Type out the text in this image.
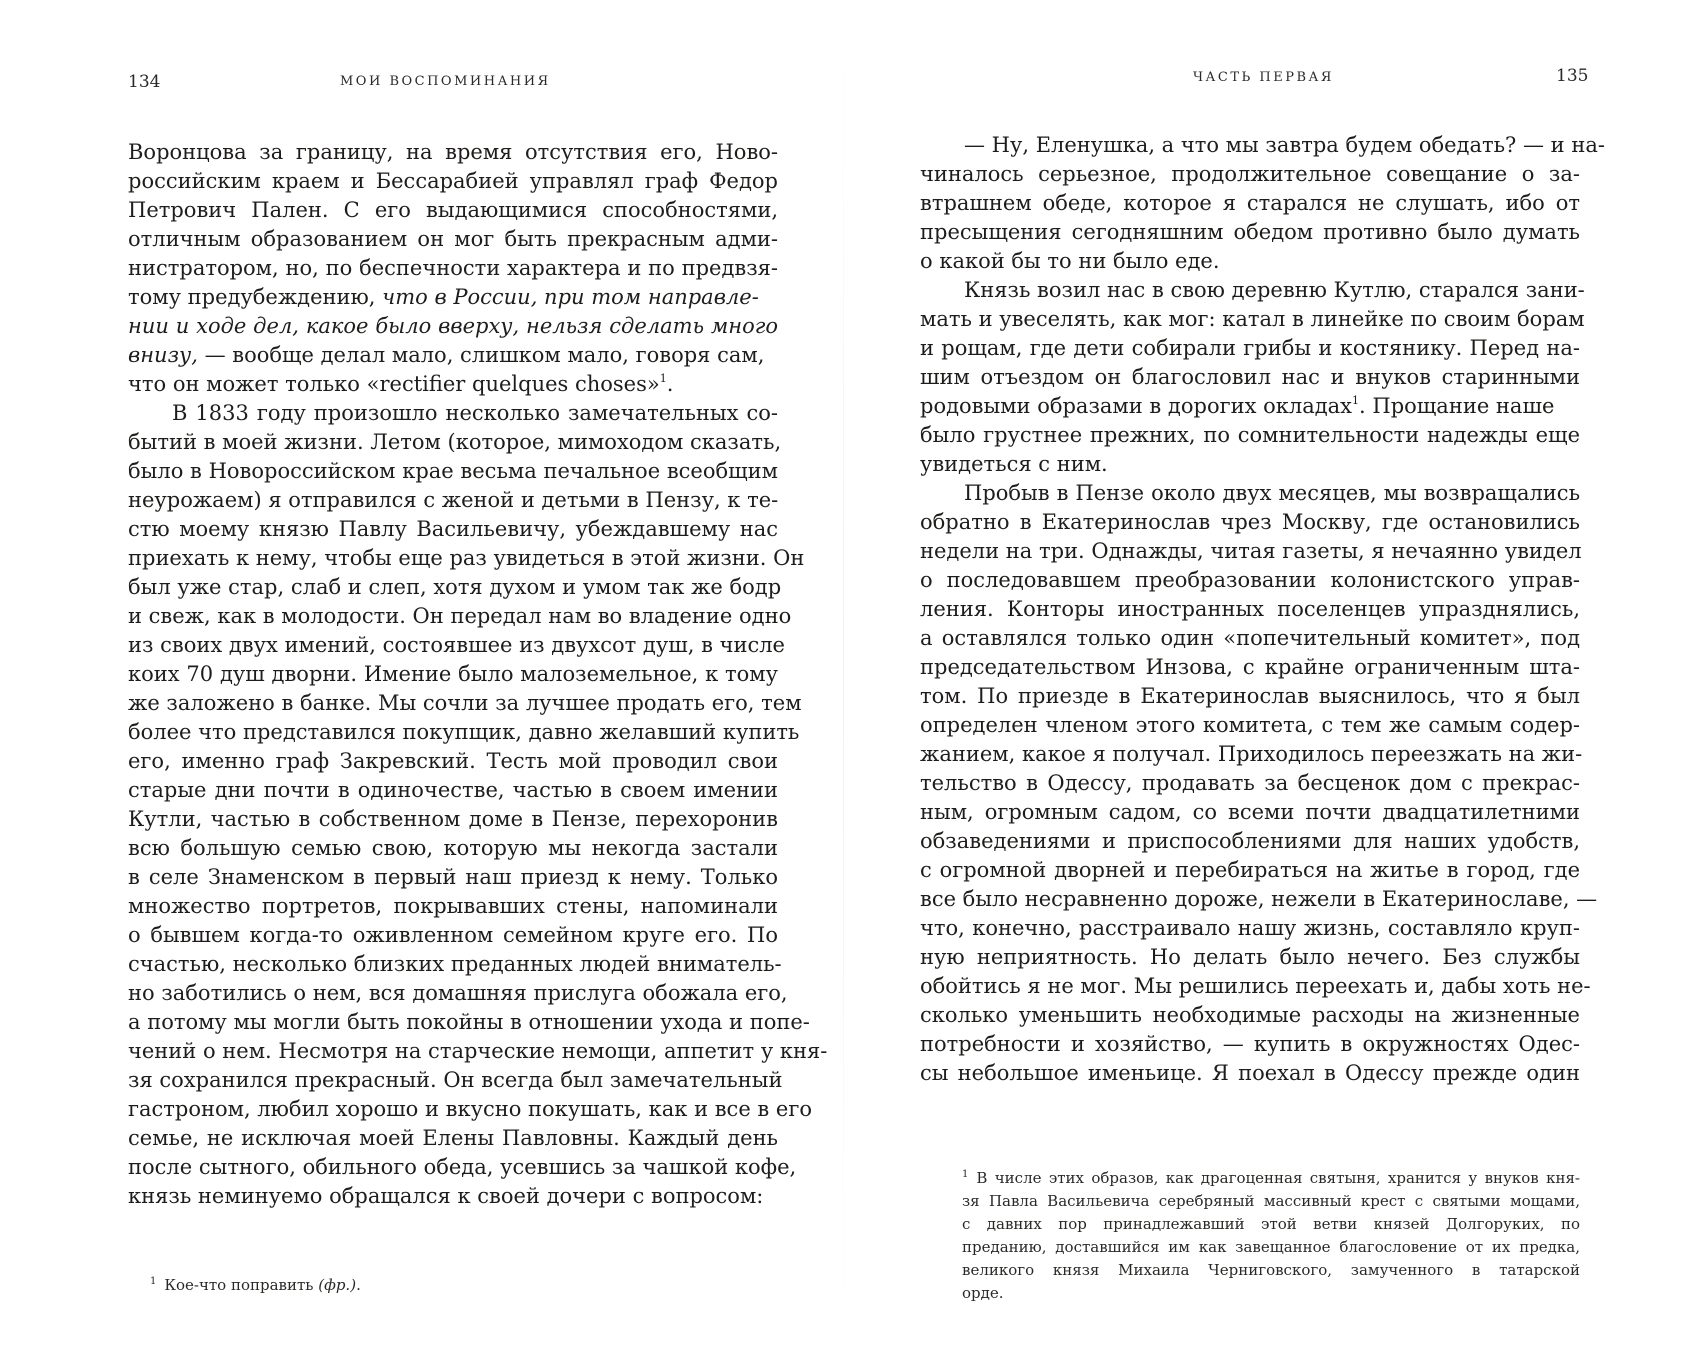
134	МОИ ВОСПОМИНАНИЯ
Воронцова за границу, на время отсутствия его, Ново-
российским краем и Бессарабией управлял граф Федор
Петрович Пален. С его выдающимися способностями,
отличным образованием он мог быть прекрасным адми-
нистратором, но, по беспечности характера и по предвзя-
тому предубеждению, что в России, при том направле-
нии и ходе дел, какое было вверху, нельзя сделать много
внизу, — вообще делал мало, слишком мало, говоря сам,
что он может только «rectifier quelques choses»$^1$.
В 1833 году произошло несколько замечательных со-
бытий в моей жизни. Летом (которое, мимоходом сказать,
было в Новороссийском крае весьма печальное всеобщим
неурожаем) я отправился с женой и детьми в Пензу, к те-
стю моему князю Павлу Васильевичу, убеждавшему нас
приехать к нему, чтобы еще раз увидеться в этой жизни. Он
был уже стар, слаб и слеп, хотя духом и умом так же бодр
и свеж, как в молодости. Он передал нам во владение одно
из своих двух имений, состоявшее из двухсот душ, в числе
коих 70 душ дворни. Имение было малоземельное, к тому
же заложено в банке. Мы сочли за лучшее продать его, тем
более что представился покупщик, давно желавший купить
его, именно граф Закревский. Тесть мой проводил свои
старые дни почти в одиночестве, частью в своем имении
Кутли, частью в собственном доме в Пензе, перехоронив
всю большую семью свою, которую мы некогда застали
в селе Знаменском в первый наш приезд к нему. Только
множество портретов, покрывавших стены, напоминали
о бывшем когда-то оживленном семейном круге его. По
счастью, несколько близких преданных людей вниматель-
но заботились о нем, вся домашняя прислуга обожала его,
а потому мы могли быть покойны в отношении ухода и попе-
чений о нем. Несмотря на старческие немощи, аппетит у кня-
зя сохранился прекрасный. Он всегда был замечательный
гастроном, любил хорошо и вкусно покушать, как и все в его
семье, не исключая моей Елены Павловны. Каждый день
после сытного, обильного обеда, усевшись за чашкой кофе,
князь неминуемо обращался к своей дочери с вопросом:
$^1$ Кое-что поправить (фр.).
ЧАСТЬ ПЕРВАЯ	135
— Ну, Еленушка, а что мы завтра будем обедать? — и на-
чиналось серьезное, продолжительное совещание о за-
втрашнем обеде, которое я старался не слушать, ибо от
пресыщения сегодняшним обедом противно было думать
о какой бы то ни было еде.
Князь возил нас в свою деревню Кутлю, старался зани-
мать и увеселять, как мог: катал в линейке по своим борам
и рощам, где дети собирали грибы и костянику. Перед на-
шим отъездом он благословил нас и внуков старинными
родовыми образами в дорогих окладах$^1$. Прощание наше
было грустнее прежних, по сомнительности надежды еще
увидеться с ним.
Пробыв в Пензе около двух месяцев, мы возвращались
обратно в Екатеринослав чрез Москву, где остановились
недели на три. Однажды, читая газеты, я нечаянно увидел
о последовавшем преобразовании колонистского управ-
ления. Конторы иностранных поселенцев упразднялись,
а оставлялся только один «попечительный комитет», под
председательством Инзова, с крайне ограниченным шта-
том. По приезде в Екатеринослав выяснилось, что я был
определен членом этого комитета, с тем же самым содер-
жанием, какое я получал. Приходилось переезжать на жи-
тельство в Одессу, продавать за бесценок дом с прекрас-
ным, огромным садом, со всеми почти двадцатилетними
обзаведениями и приспособлениями для наших удобств,
с огромной дворней и перебираться на житье в город, где
все было несравненно дороже, нежели в Екатеринославе, —
что, конечно, расстраивало нашу жизнь, составляло круп-
ную неприятность. Но делать было нечего. Без службы
обойтись я не мог. Мы решились переехать и, дабы хоть не-
сколько уменьшить необходимые расходы на жизненные
потребности и хозяйство, — купить в окружностях Одес-
сы небольшое именьице. Я поехал в Одессу прежде один
$^1$ В числе этих образов, как драгоценная святыня, хранится у внуков кня-
зя Павла Васильевича серебряный массивный крест с святыми мощами,
с давних пор принадлежавший этой ветви князей Долгоруких, по
преданию, доставшийся им как завещанное благословение от их предка,
великого князя Михаила Черниговского, замученного в татарской
орде.
